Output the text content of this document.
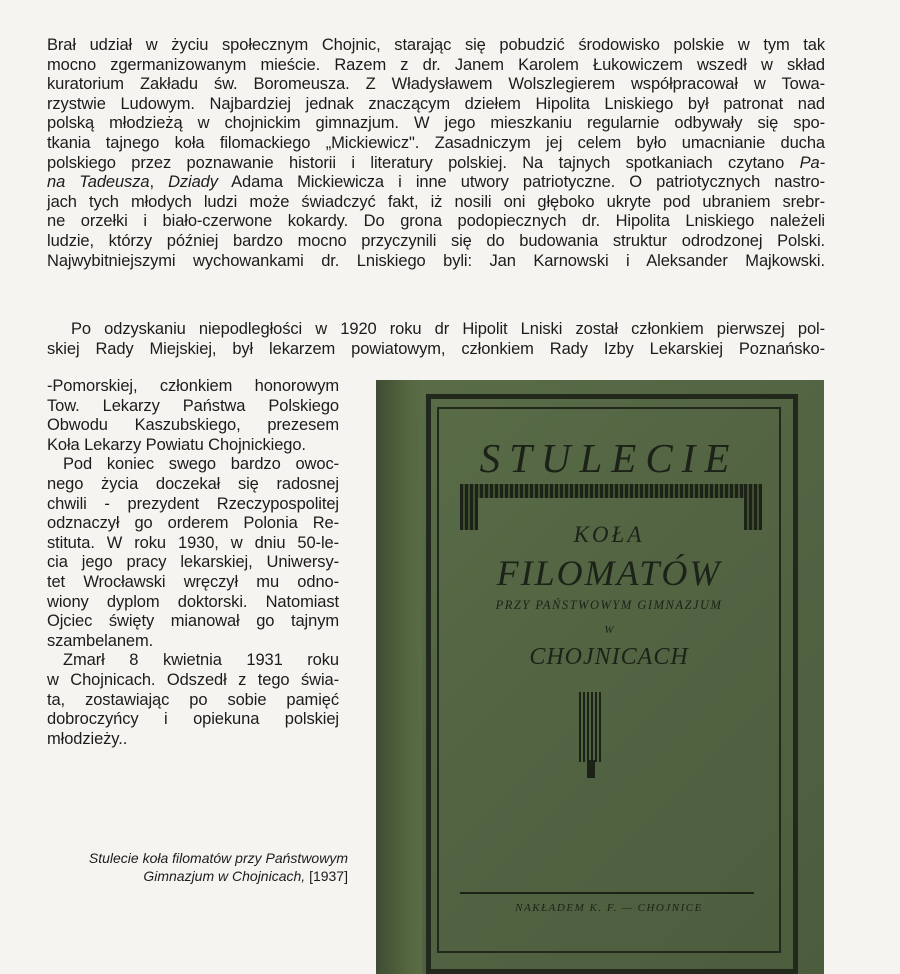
Brał udział w życiu społecznym Chojnic, starając się pobudzić środowisko polskie w tym tak
mocno zgermanizowanym mieście. Razem z dr. Janem Karolem Łukowiczem wszedł w skład
kuratorium Zakładu św. Boromeusza. Z Władysławem Wolszlegierem współpracował w Towa-
rzystwie Ludowym. Najbardziej jednak znaczącym dziełem Hipolita Lniskiego był patronat nad
polską młodzieżą w chojnickim gimnazjum. W jego mieszkaniu regularnie odbywały się spo-
tkania tajnego koła filomackiego „Mickiewicz". Zasadniczym jej celem było umacnianie ducha
polskiego przez poznawanie historii i literatury polskiej. Na tajnych spotkaniach czytano Pa-
na Tadeusza, Dziady Adama Mickiewicza i inne utwory patriotyczne. O patriotycznych nastro-
jach tych młodych ludzi może świadczyć fakt, iż nosili oni głęboko ukryte pod ubraniem srebr-
ne orzełki i biało-czerwone kokardy. Do grona podopiecznych dr. Hipolita Lniskiego należeli
ludzie, którzy później bardzo mocno przyczynili się do budowania struktur odrodzonej Polski.
Najwybitniejszymi wychowankami dr. Lniskiego byli: Jan Karnowski i Aleksander Majkowski.
Po odzyskaniu niepodległości w 1920 roku dr Hipolit Lniski został członkiem pierwszej pol-
skiej Rady Miejskiej, był lekarzem powiatowym, członkiem Rady Izby Lekarskiej Poznańsko-
-Pomorskiej, członkiem honorowym
Tow. Lekarzy Państwa Polskiego
Obwodu Kaszubskiego, prezesem
Koła Lekarzy Powiatu Chojnickiego.
Pod koniec swego bardzo owoc-
nego życia doczekał się radosnej
chwili - prezydent Rzeczypospolitej
odznaczył go orderem Polonia Re-
stituta. W roku 1930, w dniu 50-le-
cia jego pracy lekarskiej, Uniwersy-
tet Wrocławski wręczył mu odno-
wiony dyplom doktorski. Natomiast
Ojciec święty mianował go tajnym
szambelanem.
Zmarł 8 kwietnia 1931 roku
w Chojnicach. Odszedł z tego świa-
ta, zostawiając po sobie pamięć
dobroczyńcy i opiekuna polskiej
młodzieży..
Stulecie koła filomatów przy Państwowym
Gimnazjum w Chojnicach, [1937]
STULECIE
KOŁA
FILOMATÓW
PRZY PAŃSTWOWYM GIMNAZJUM
W
CHOJNICACH
NAKŁADEM K. F. — CHOJNICE
